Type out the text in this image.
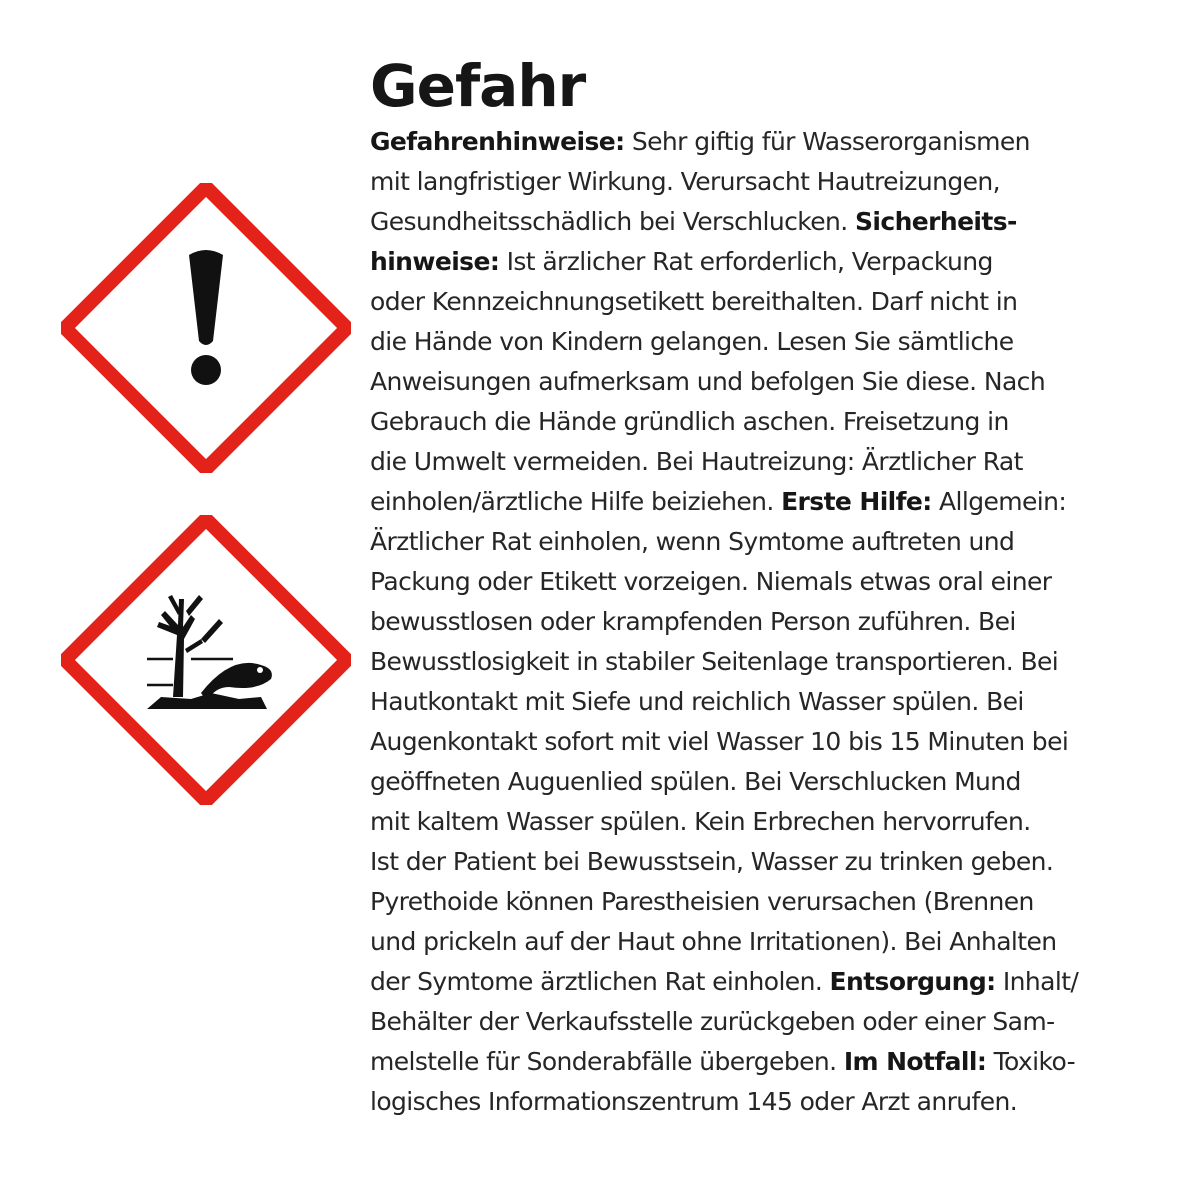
Gefahr
Gefahrenhinweise: Sehr giftig für Wasserorganismen
mit langfristiger Wirkung. Verursacht Hautreizungen,
Gesundheitsschädlich bei Verschlucken. Sicherheits-
hinweise: Ist ärzlicher Rat erforderlich, Verpackung
oder Kennzeichnungsetikett bereithalten. Darf nicht in
die Hände von Kindern gelangen. Lesen Sie sämtliche
Anweisungen aufmerksam und befolgen Sie diese. Nach
Gebrauch die Hände gründlich aschen. Freisetzung in
die Umwelt vermeiden. Bei Hautreizung: Ärztlicher Rat
einholen/ärztliche Hilfe beiziehen. Erste Hilfe: Allgemein:
Ärztlicher Rat einholen, wenn Symtome auftreten und
Packung oder Etikett vorzeigen. Niemals etwas oral einer
bewusstlosen oder krampfenden Person zuführen. Bei
Bewusstlosigkeit in stabiler Seitenlage transportieren. Bei
Hautkontakt mit Siefe und reichlich Wasser spülen. Bei
Augenkontakt sofort mit viel Wasser 10 bis 15 Minuten bei
geöffneten Auguenlied spülen. Bei Verschlucken Mund
mit kaltem Wasser spülen. Kein Erbrechen hervorrufen.
Ist der Patient bei Bewusstsein, Wasser zu trinken geben.
Pyrethoide können Parestheisien verursachen (Brennen
und prickeln auf der Haut ohne Irritationen). Bei Anhalten
der Symtome ärztlichen Rat einholen. Entsorgung: Inhalt/
Behälter der Verkaufsstelle zurückgeben oder einer Sam-
melstelle für Sonderabfälle übergeben. Im Notfall: Toxiko-
logisches Informationszentrum 145 oder Arzt anrufen.
